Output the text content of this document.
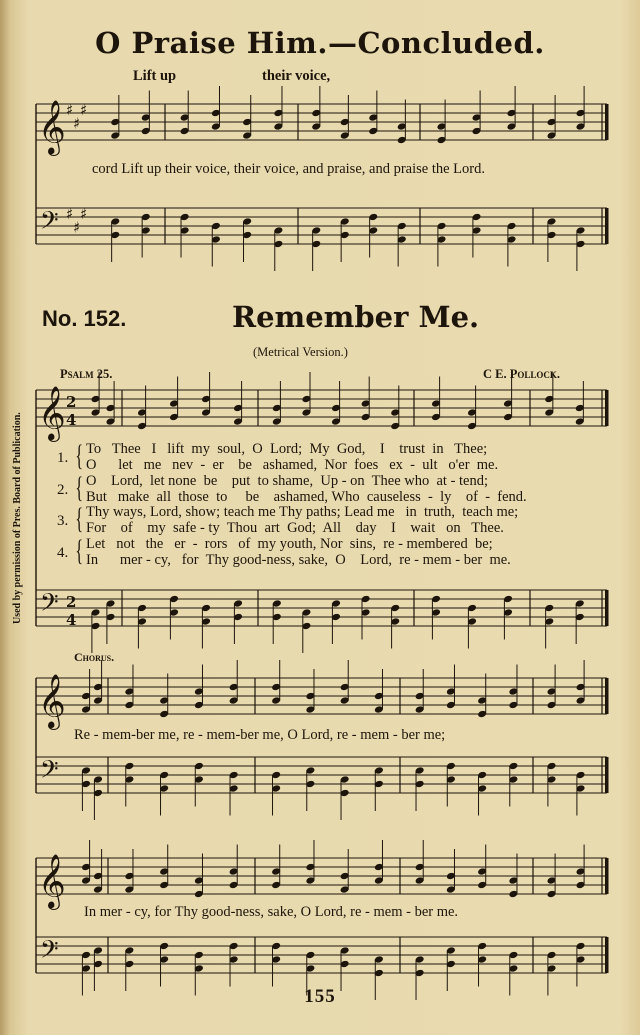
O Praise Him.—Concluded.
Lift up	their voice,
cord Lift up their voice, their voice, and praise, and praise the Lord.
No. 152.	Remember Me.
(Metrical Version.)
Psalm 25.	C E. Pollock.
Used by permission of Pres. Board of Publication.	1. { To   Thee   I   lift  my  soul,  O  Lord;  My  God,    I    trust  in   Thee;
O      let   me   nev  -  er    be   ashamed,  Nor  foes   ex  -  ult   o'er  me.
2. { O    Lord,  let none  be    put  to shame,  Up - on  Thee who  at - tend;
But   make  all  those  to     be    ashamed, Who  causeless  -  ly    of  -  fend.
3. { Thy ways, Lord, show; teach me Thy paths; Lead me   in  truth,  teach me;
For    of    my  safe - ty  Thou  art  God;  All    day    I    wait   on   Thee.
4. { Let   not   the   er  -  rors   of  my youth, Nor  sins,  re - membered  be;
In      mer - cy,   for  Thy good-ness, sake,  O    Lord,  re - mem - ber  me.
Chorus.
Re - mem-ber me, re - mem-ber me, O Lord, re - mem - ber me;
In mer - cy, for Thy good-ness, sake, O Lord, re - mem - ber me.
155
𝄞 ♯
♯
♯
𝄢 ♯
♯
♯
𝄞 2
4
𝄢 2
4
𝄞
𝄢
𝄞
𝄢
